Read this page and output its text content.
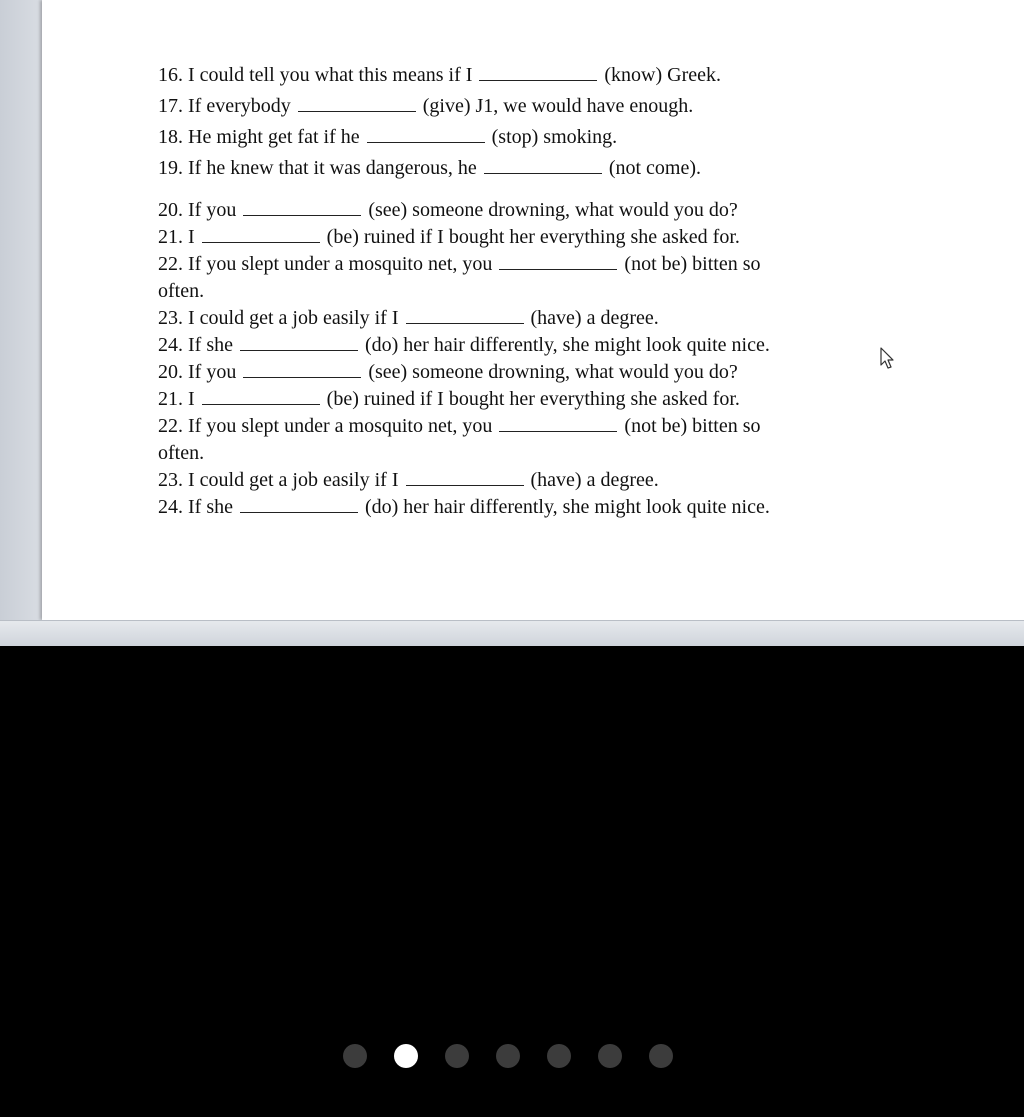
16. I could tell you what this means if I	(know) Greek.
17. If everybody	(give) J1, we would have enough.
18. He might get fat if he	(stop) smoking.
19. If he knew that it was dangerous, he	(not come).
20. If you	(see) someone drowning, what would you do?
21. I	(be) ruined if I bought her everything she asked for.
22. If you slept under a mosquito net, you	(not be) bitten so
often.
23. I could get a job easily if I	(have) a degree.
24. If she	(do) her hair differently, she might look quite nice.
20. If you	(see) someone drowning, what would you do?
21. I	(be) ruined if I bought her everything she asked for.
22. If you slept under a mosquito net, you	(not be) bitten so
often.
23. I could get a job easily if I	(have) a degree.
24. If she	(do) her hair differently, she might look quite nice.
